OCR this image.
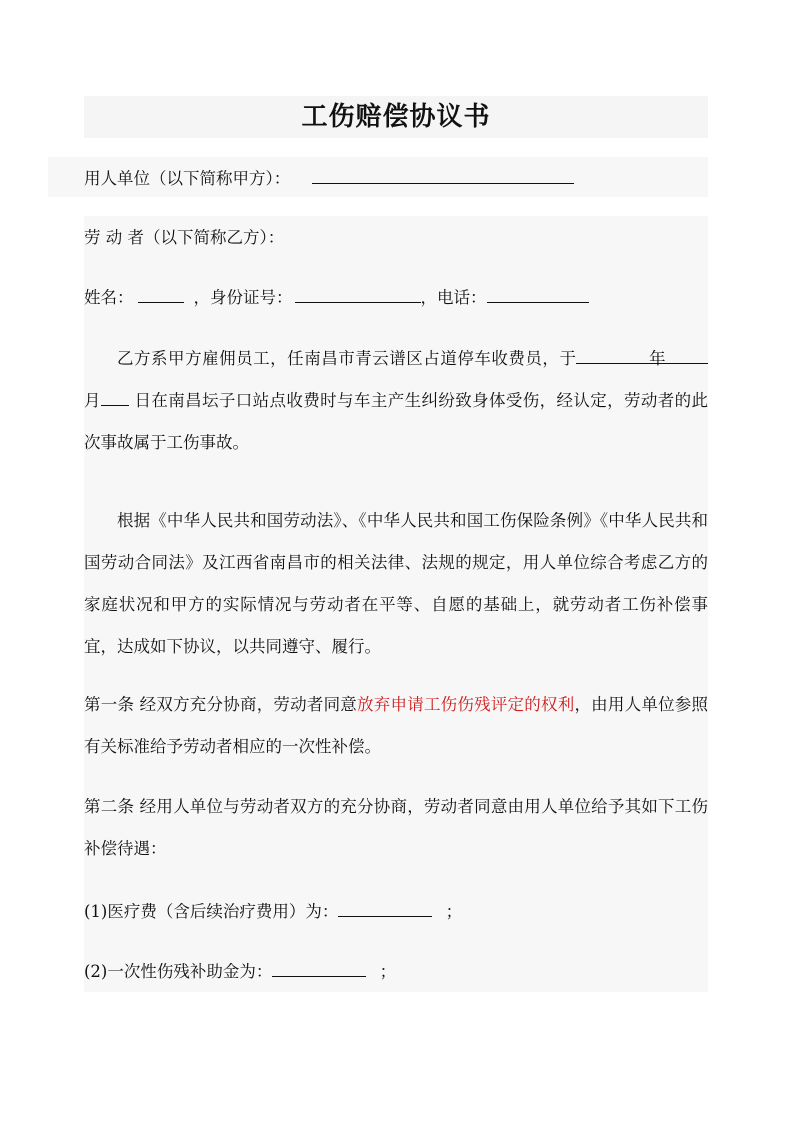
工伤赔偿协议书
用人单位（以下简称甲方）：
劳 动 者（以下简称乙方）：
姓名：	，身份证号：	，电话：
乙方系甲方雇佣员工，任南昌市青云谱区占道停车收费员，于	年月 日在南昌坛子口站点收费时与车主产生纠纷致身体受伤，经认定，劳动者的此次事故属于工伤事故。
根据《中华人民共和国劳动法》、《中华人民共和国工伤保险条例》《中华人民共和国劳动合同法》及江西省南昌市的相关法律、法规的规定，用人单位综合考虑乙方的家庭状况和甲方的实际情况与劳动者在平等、自愿的基础上，就劳动者工伤补偿事宜，达成如下协议，以共同遵守、履行。
第一条 经双方充分协商，劳动者同意放弃申请工伤伤残评定的权利，由用人单位参照有关标准给予劳动者相应的一次性补偿。
第二条 经用人单位与劳动者双方的充分协商，劳动者同意由用人单位给予其如下工伤补偿待遇：
(1)医疗费（含后续治疗费用）为：	；
(2)一次性伤残补助金为：	；
